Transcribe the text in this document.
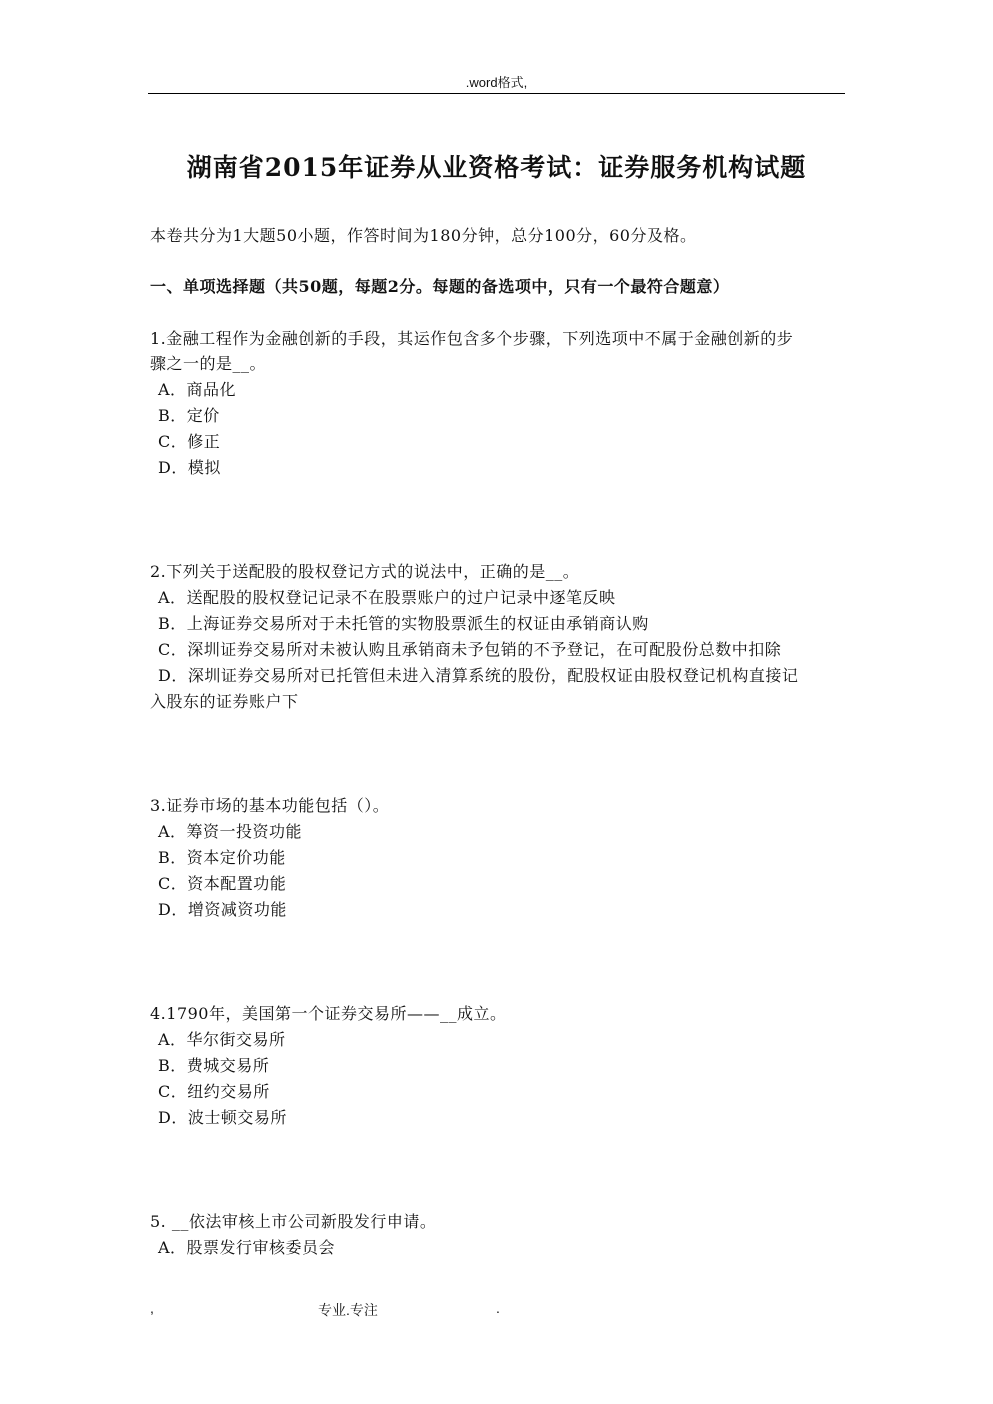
.word格式,
湖南省2015年证券从业资格考试：证券服务机构试题
本卷共分为1大题50小题，作答时间为180分钟，总分100分，60分及格。
一、单项选择题（共50题，每题2分。每题的备选项中，只有一个最符合题意）
1.金融工程作为金融创新的手段，其运作包含多个步骤，下列选项中不属于金融创新的步
骤之一的是__。
A．商品化
B．定价
C．修正
D．模拟
2.下列关于送配股的股权登记方式的说法中，正确的是__。
A．送配股的股权登记记录不在股票账户的过户记录中逐笔反映
B．上海证券交易所对于未托管的实物股票派生的权证由承销商认购
C．深圳证券交易所对未被认购且承销商未予包销的不予登记，在可配股份总数中扣除
D．深圳证券交易所对已托管但未进入清算系统的股份，配股权证由股权登记机构直接记
入股东的证券账户下
3.证券市场的基本功能包括（）。
A．筹资一投资功能
B．资本定价功能
C．资本配置功能
D．增资减资功能
4.1790年，美国第一个证券交易所——__成立。
A．华尔街交易所
B．费城交易所
C．纽约交易所
D．波士顿交易所
5. __依法审核上市公司新股发行申请。
A．股票发行审核委员会
,	专业.专注	.
